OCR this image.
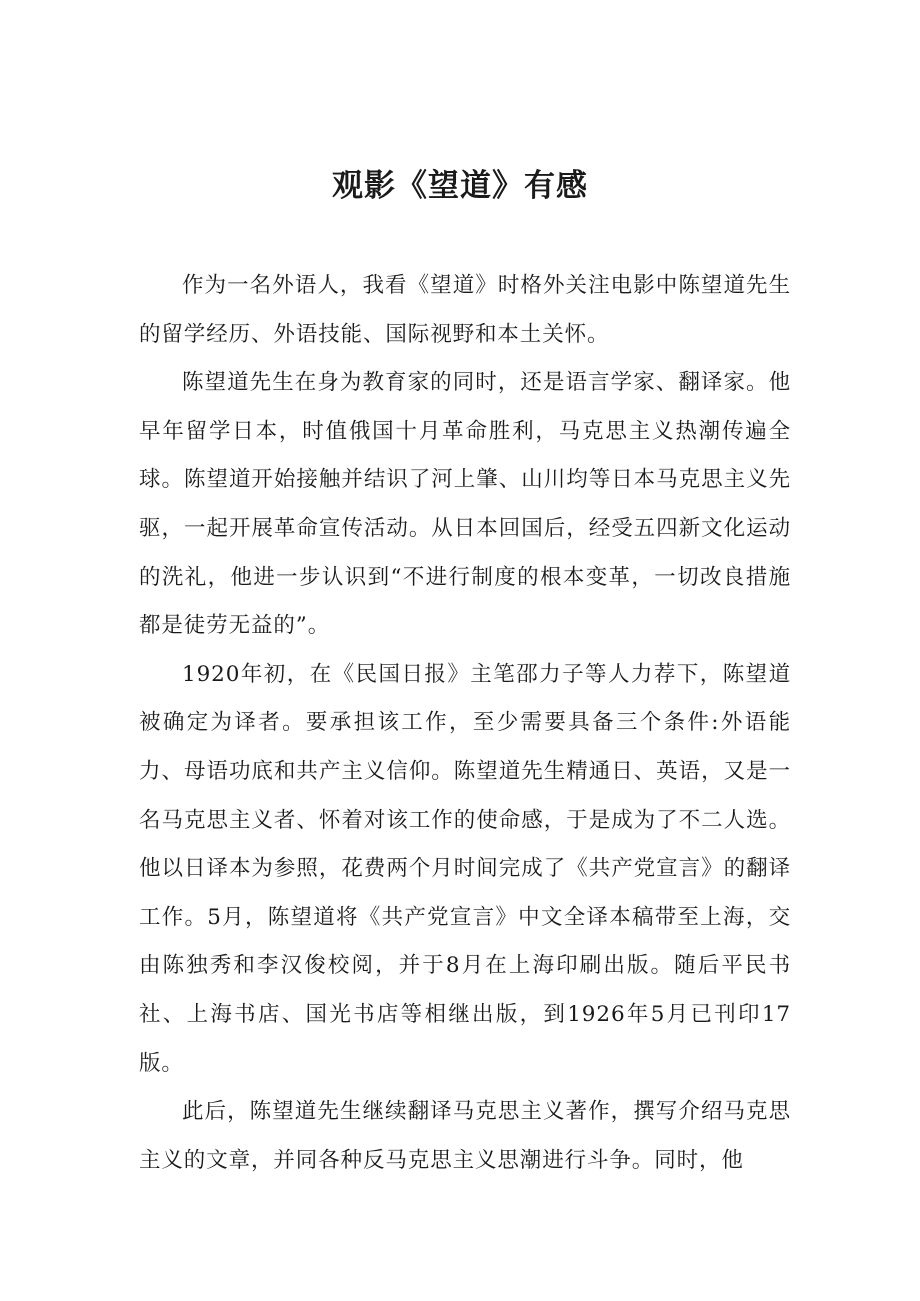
观影《望道》有感

作为一名外语人，我看《望道》时格外关注电影中陈望道先生的留学经历、外语技能、国际视野和本土关怀。

陈望道先生在身为教育家的同时，还是语言学家、翻译家。他早年留学日本，时值俄国十月革命胜利，马克思主义热潮传遍全球。陈望道开始接触并结识了河上肇、山川均等日本马克思主义先驱，一起开展革命宣传活动。从日本回国后，经受五四新文化运动的洗礼，他进一步认识到“不进行制度的根本变革，一切改良措施都是徒劳无益的”。

1920年初，在《民国日报》主笔邵力子等人力荐下，陈望道被确定为译者。要承担该工作，至少需要具备三个条件:外语能力、母语功底和共产主义信仰。陈望道先生精通日、英语，又是一名马克思主义者、怀着对该工作的使命感，于是成为了不二人选。他以日译本为参照，花费两个月时间完成了《共产党宣言》的翻译工作。5月，陈望道将《共产党宣言》中文全译本稿带至上海，交由陈独秀和李汉俊校阅，并于8月在上海印刷出版。随后平民书社、上海书店、国光书店等相继出版，到1926年5月已刊印17版。

此后，陈望道先生继续翻译马克思主义著作，撰写介绍马克思主义的文章，并同各种反马克思主义思潮进行斗争。同时，他
